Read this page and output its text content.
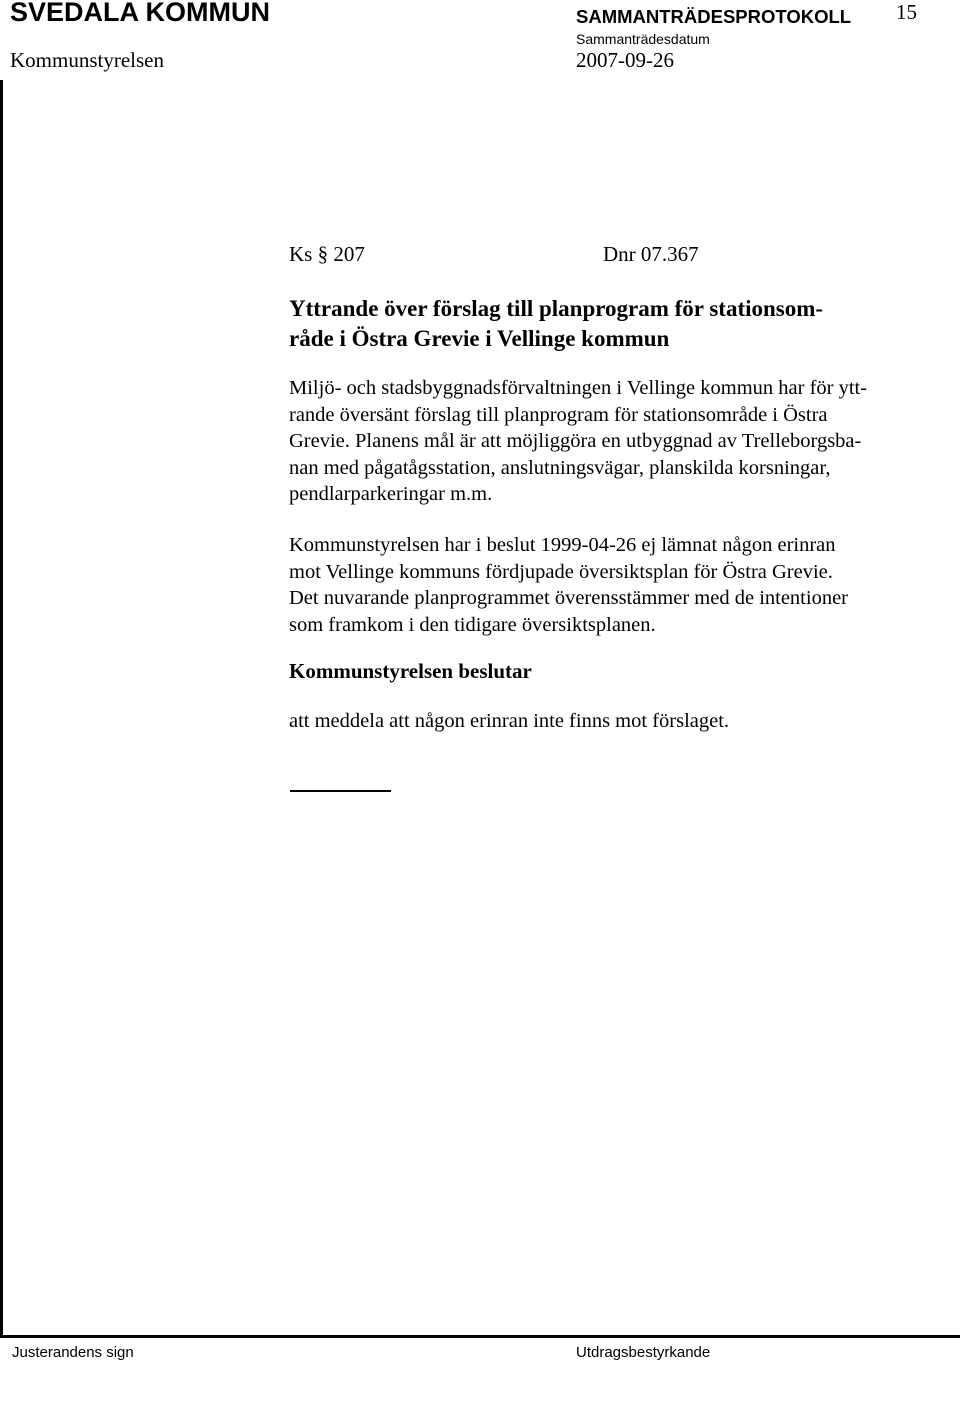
SVEDALA KOMMUN	SAMMANTRÄDESPROTOKOLL 15
Kommunstyrelsen
Sammanträdesdatum
2007-09-26
Ks § 207	Dnr 07.367
Yttrande över förslag till planprogram för stationsom-
råde i Östra Grevie i Vellinge kommun
Miljö- och stadsbyggnadsförvaltningen i Vellinge kommun har för ytt-
rande översänt förslag till planprogram för stationsområde i Östra
Grevie. Planens mål är att möjliggöra en utbyggnad av Trelleborgsba-
nan med pågatågsstation, anslutningsvägar, planskilda korsningar,
pendlarparkeringar m.m.
Kommunstyrelsen har i beslut 1999-04-26 ej lämnat någon erinran
mot Vellinge kommuns fördjupade översiktsplan för Östra Grevie.
Det nuvarande planprogrammet överensstämmer med de intentioner
som framkom i den tidigare översiktsplanen.
Kommunstyrelsen beslutar
att meddela att någon erinran inte finns mot förslaget.
Justerandens sign	Utdragsbestyrkande
